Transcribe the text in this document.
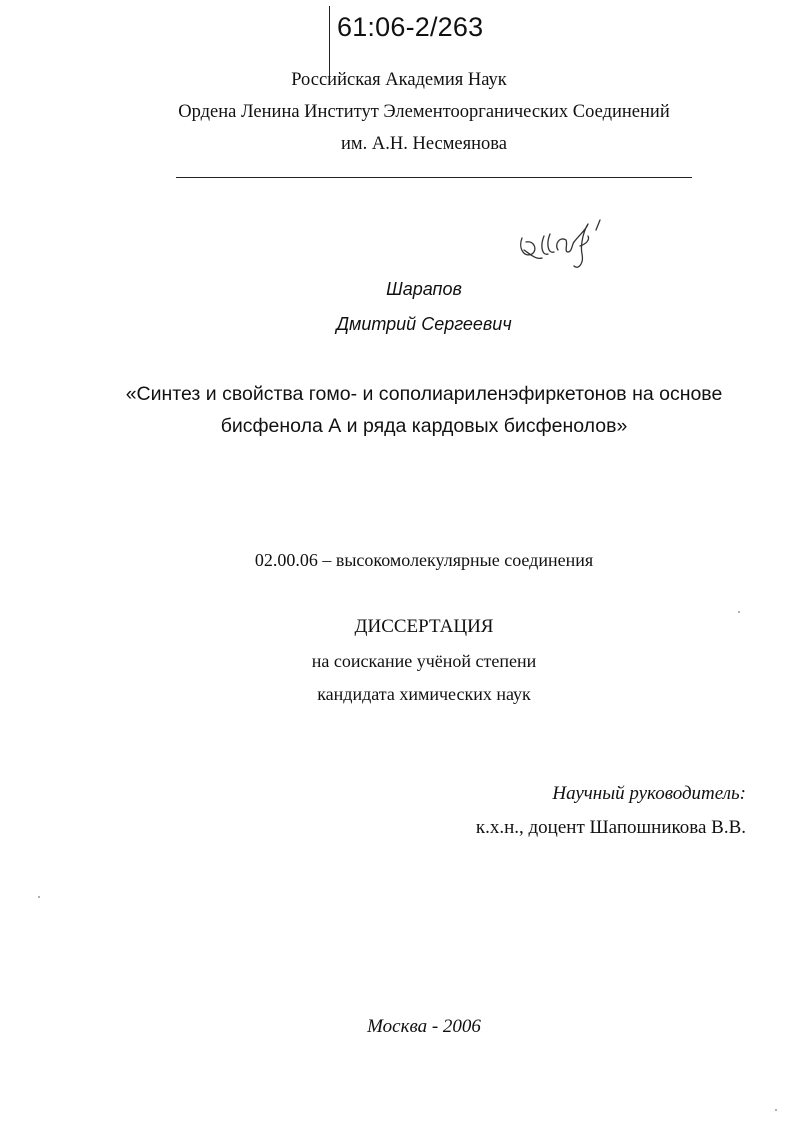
61:06-2/263
Российская Академия Наук
Ордена Ленина Институт Элементоорганических Соединений
им. А.Н. Несмеянова
Шарапов
Дмитрий Сергеевич
«Синтез и свойства гомо- и сополиариленэфиркетонов на основе
бисфенола А и ряда кардовых бисфенолов»
02.00.06 – высокомолекулярные соединения
ДИССЕРТАЦИЯ
на соискание учёной степени
кандидата химических наук
Научный руководитель:
к.х.н., доцент Шапошникова В.В.
Москва - 2006
